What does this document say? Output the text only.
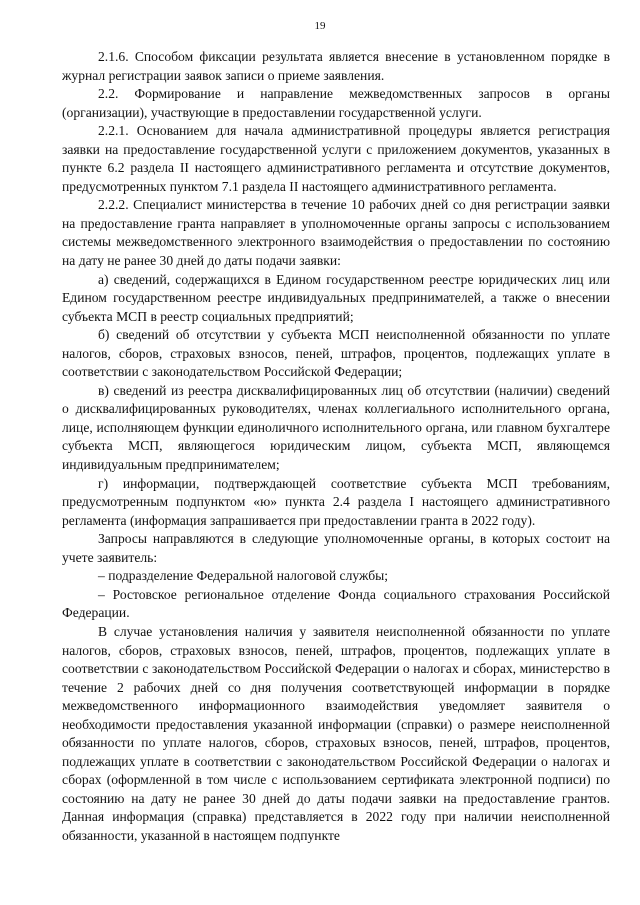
19

2.1.6. Способом фиксации результата является внесение в установленном порядке в журнал регистрации заявок записи о приеме заявления.

2.2. Формирование и направление межведомственных запросов в органы (организации), участвующие в предоставлении государственной услуги.

2.2.1. Основанием для начала административной процедуры является регистрация заявки на предоставление государственной услуги с приложением документов, указанных в пункте 6.2 раздела II настоящего административного регламента и отсутствие документов, предусмотренных пунктом 7.1 раздела II настоящего административного регламента.

2.2.2. Специалист министерства в течение 10 рабочих дней со дня регистрации заявки на предоставление гранта направляет в уполномоченные органы запросы с использованием системы межведомственного электронного взаимодействия о предоставлении по состоянию на дату не ранее 30 дней до даты подачи заявки:

а) сведений, содержащихся в Едином государственном реестре юридических лиц или Едином государственном реестре индивидуальных предпринимателей, а также о внесении субъекта МСП в реестр социальных предприятий;

б) сведений об отсутствии у субъекта МСП неисполненной обязанности по уплате налогов, сборов, страховых взносов, пеней, штрафов, процентов, подлежащих уплате в соответствии с законодательством Российской Федерации;

в) сведений из реестра дисквалифицированных лиц об отсутствии (наличии) сведений о дисквалифицированных руководителях, членах коллегиального исполнительного органа, лице, исполняющем функции единоличного исполнительного органа, или главном бухгалтере субъекта МСП, являющегося юридическим лицом, субъекта МСП, являющемся индивидуальным предпринимателем;

г) информации, подтверждающей соответствие субъекта МСП требованиям, предусмотренным подпунктом «ю» пункта 2.4 раздела I настоящего административного регламента (информация запрашивается при предоставлении гранта в 2022 году).

Запросы направляются в следующие уполномоченные органы, в которых состоит на учете заявитель:

– подразделение Федеральной налоговой службы;

– Ростовское региональное отделение Фонда социального страхования Российской Федерации.

В случае установления наличия у заявителя неисполненной обязанности по уплате налогов, сборов, страховых взносов, пеней, штрафов, процентов, подлежащих уплате в соответствии с законодательством Российской Федерации о налогах и сборах, министерство в течение 2 рабочих дней со дня получения соответствующей информации в порядке межведомственного информационного взаимодействия уведомляет заявителя о необходимости предоставления указанной информации (справки) о размере неисполненной обязанности по уплате налогов, сборов, страховых взносов, пеней, штрафов, процентов, подлежащих уплате в соответствии с законодательством Российской Федерации о налогах и сборах (оформленной в том числе с использованием сертификата электронной подписи) по состоянию на дату не ранее 30 дней до даты подачи заявки на предоставление грантов. Данная информация (справка) представляется в 2022 году при наличии неисполненной обязанности, указанной в настоящем подпункте
